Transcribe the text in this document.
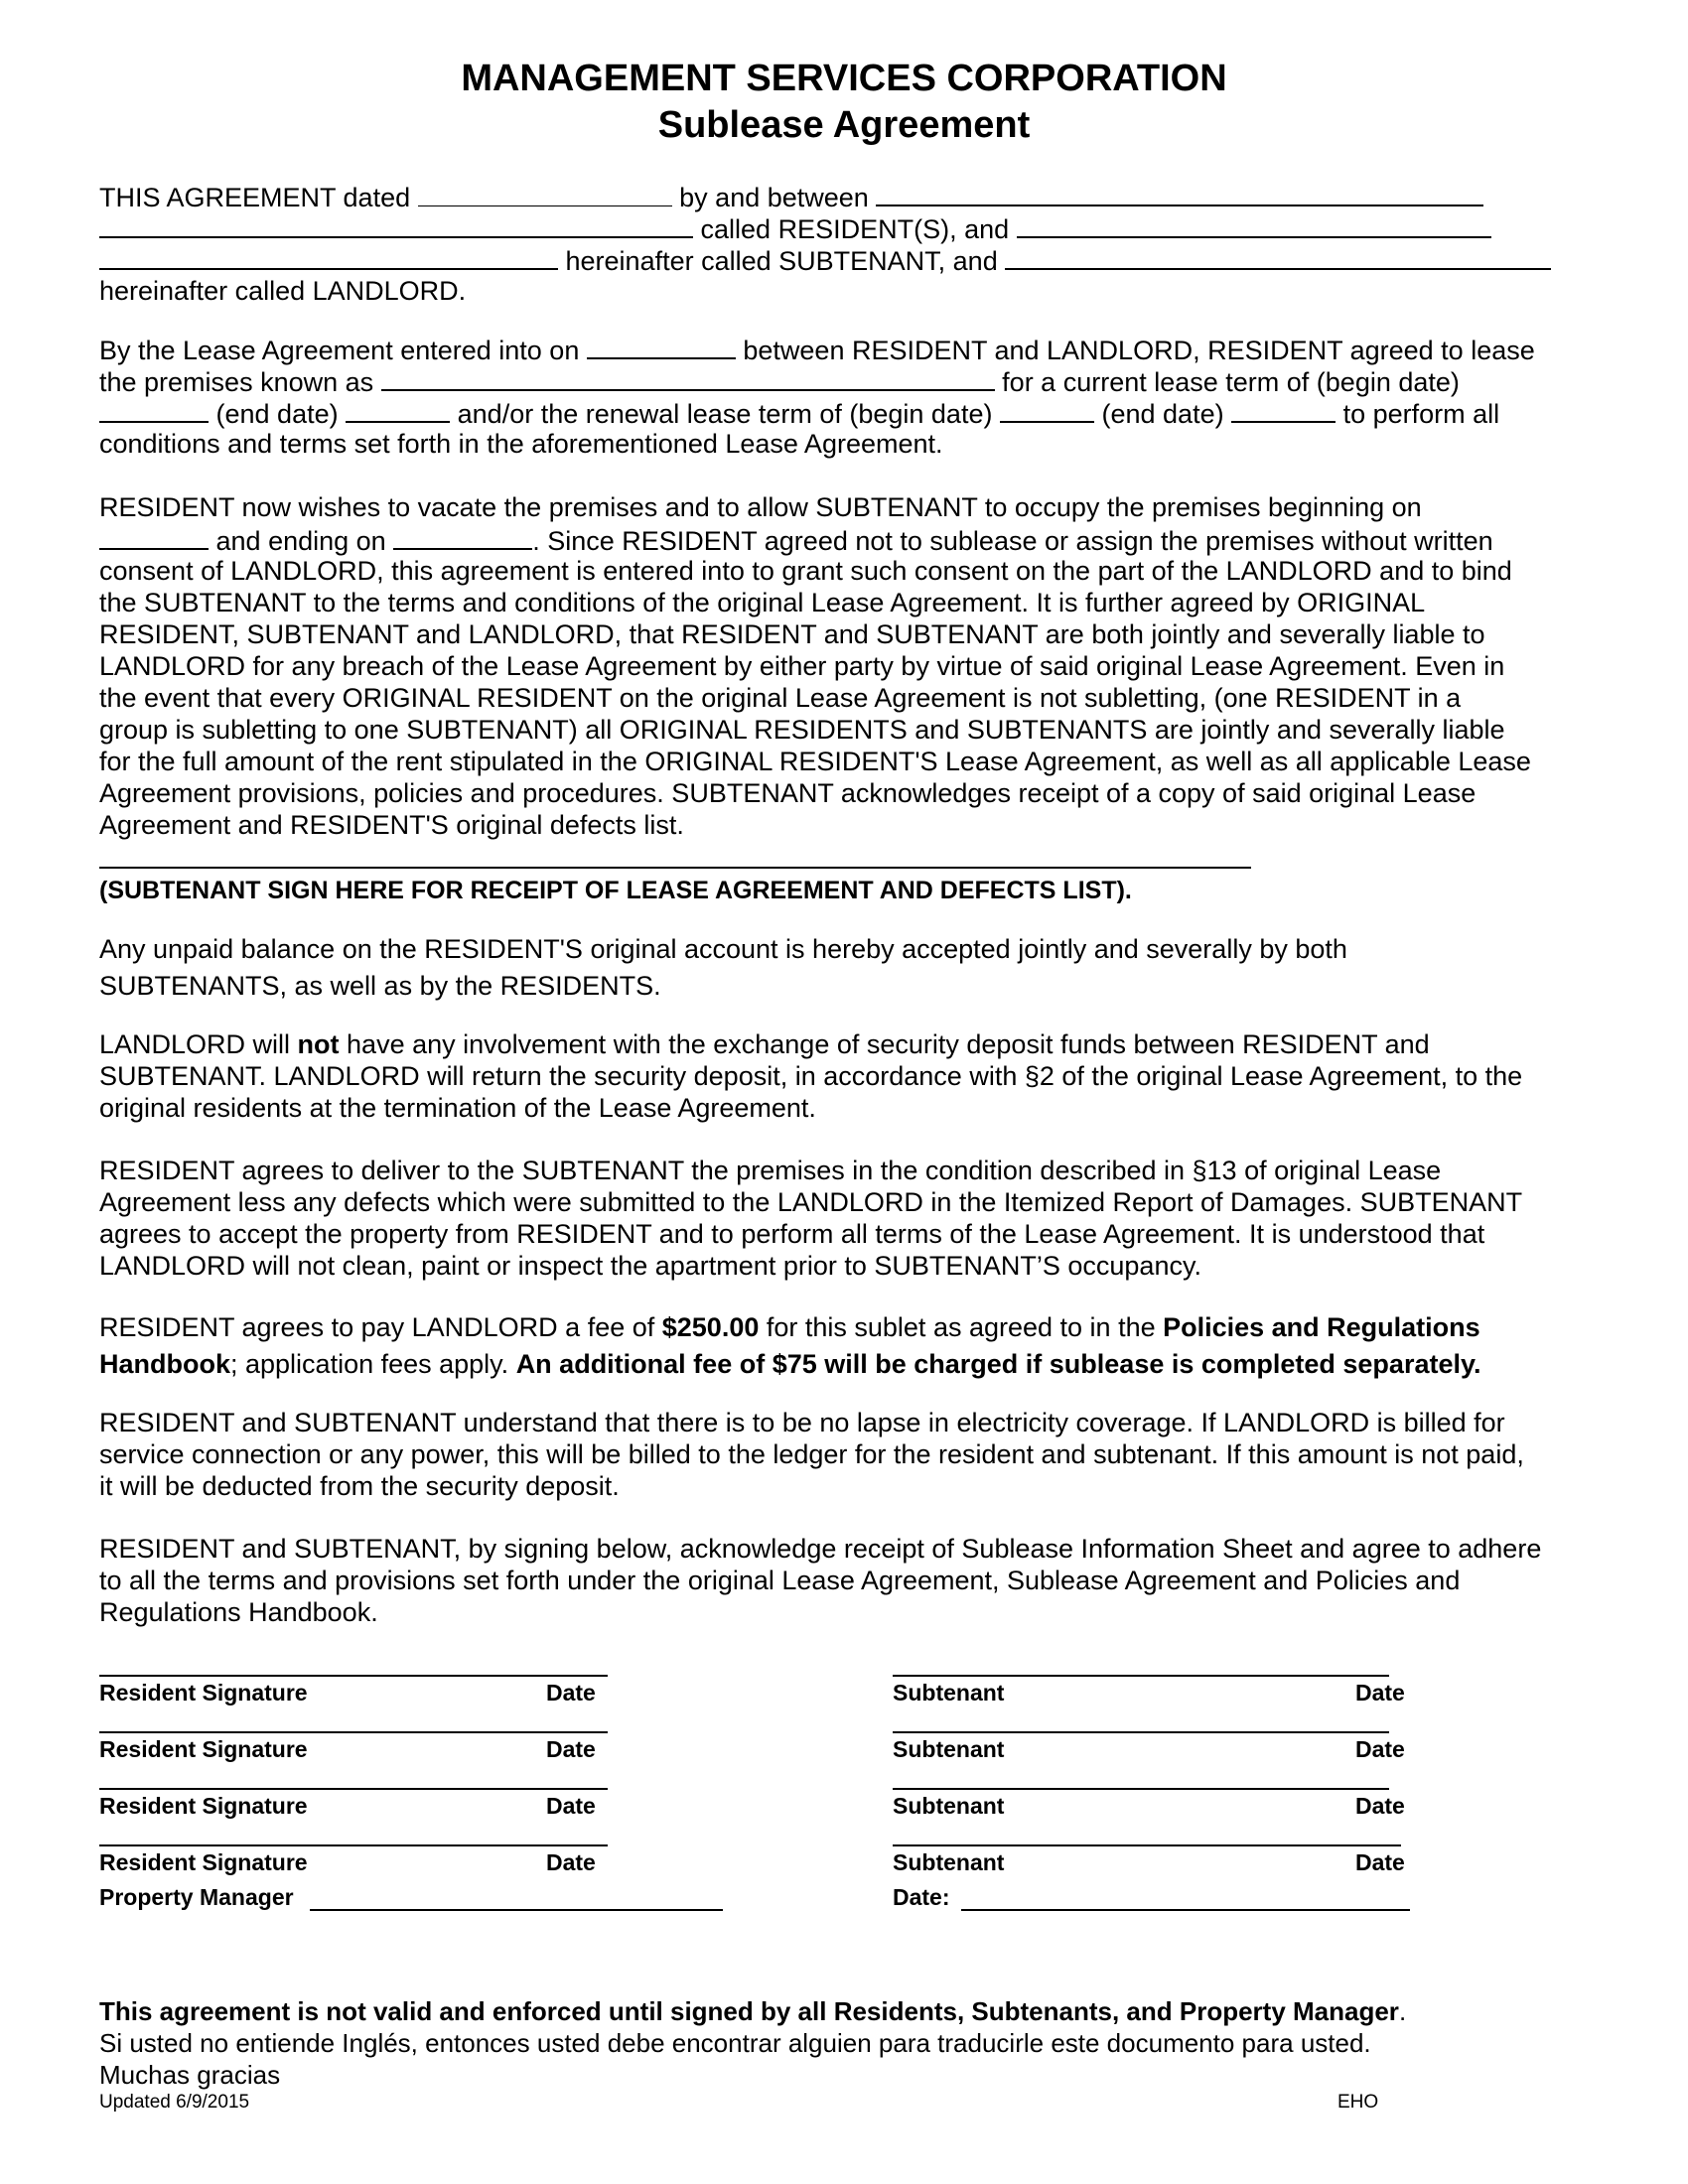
MANAGEMENT SERVICES CORPORATION
Sublease Agreement
THIS AGREEMENT dated	by and between
called RESIDENT(S), and
hereinafter called SUBTENANT, and
hereinafter called LANDLORD.
By the Lease Agreement entered into on	between RESIDENT and LANDLORD, RESIDENT agreed to lease
the premises known as	for a current lease term of (begin date)
(end date)	and/or the renewal lease term of (begin date)	(end date)	to perform all
conditions and terms set forth in the aforementioned Lease Agreement.
RESIDENT now wishes to vacate the premises and to allow SUBTENANT to occupy the premises beginning on
and ending on	. Since RESIDENT agreed not to sublease or assign the premises without written
consent of LANDLORD, this agreement is entered into to grant such consent on the part of the LANDLORD and to bind
the SUBTENANT to the terms and conditions of the original Lease Agreement. It is further agreed by ORIGINAL
RESIDENT, SUBTENANT and LANDLORD, that RESIDENT and SUBTENANT are both jointly and severally liable to
LANDLORD for any breach of the Lease Agreement by either party by virtue of said original Lease Agreement. Even in
the event that every ORIGINAL RESIDENT on the original Lease Agreement is not subletting, (one RESIDENT in a
group is subletting to one SUBTENANT) all ORIGINAL RESIDENTS and SUBTENANTS are jointly and severally liable
for the full amount of the rent stipulated in the ORIGINAL RESIDENT'S Lease Agreement, as well as all applicable Lease
Agreement provisions, policies and procedures. SUBTENANT acknowledges receipt of a copy of said original Lease
Agreement and RESIDENT'S original defects list.
(SUBTENANT SIGN HERE FOR RECEIPT OF LEASE AGREEMENT AND DEFECTS LIST).
Any unpaid balance on the RESIDENT'S original account is hereby accepted jointly and severally by both
SUBTENANTS, as well as by the RESIDENTS.
LANDLORD will not have any involvement with the exchange of security deposit funds between RESIDENT and
SUBTENANT. LANDLORD will return the security deposit, in accordance with §2 of the original Lease Agreement, to the
original residents at the termination of the Lease Agreement.
RESIDENT agrees to deliver to the SUBTENANT the premises in the condition described in §13 of original Lease
Agreement less any defects which were submitted to the LANDLORD in the Itemized Report of Damages. SUBTENANT
agrees to accept the property from RESIDENT and to perform all terms of the Lease Agreement. It is understood that
LANDLORD will not clean, paint or inspect the apartment prior to SUBTENANT’S occupancy.
RESIDENT agrees to pay LANDLORD a fee of $250.00 for this sublet as agreed to in the Policies and Regulations
Handbook; application fees apply. An additional fee of $75 will be charged if sublease is completed separately.
RESIDENT and SUBTENANT understand that there is to be no lapse in electricity coverage. If LANDLORD is billed for
service connection or any power, this will be billed to the ledger for the resident and subtenant. If this amount is not paid,
it will be deducted from the security deposit.
RESIDENT and SUBTENANT, by signing below, acknowledge receipt of Sublease Information Sheet and agree to adhere
to all the terms and provisions set forth under the original Lease Agreement, Sublease Agreement and Policies and
Regulations Handbook.
Resident Signature	Date	Subtenant	Date
Resident Signature	Date	Subtenant	Date
Resident Signature	Date	Subtenant	Date
Resident Signature	Date	Subtenant	Date
Property Manager	Date:
This agreement is not valid and enforced until signed by all Residents, Subtenants, and Property Manager.
Si usted no entiende Inglés, entonces usted debe encontrar alguien para traducirle este documento para usted.
Muchas gracias
Updated 6/9/2015	EHO
